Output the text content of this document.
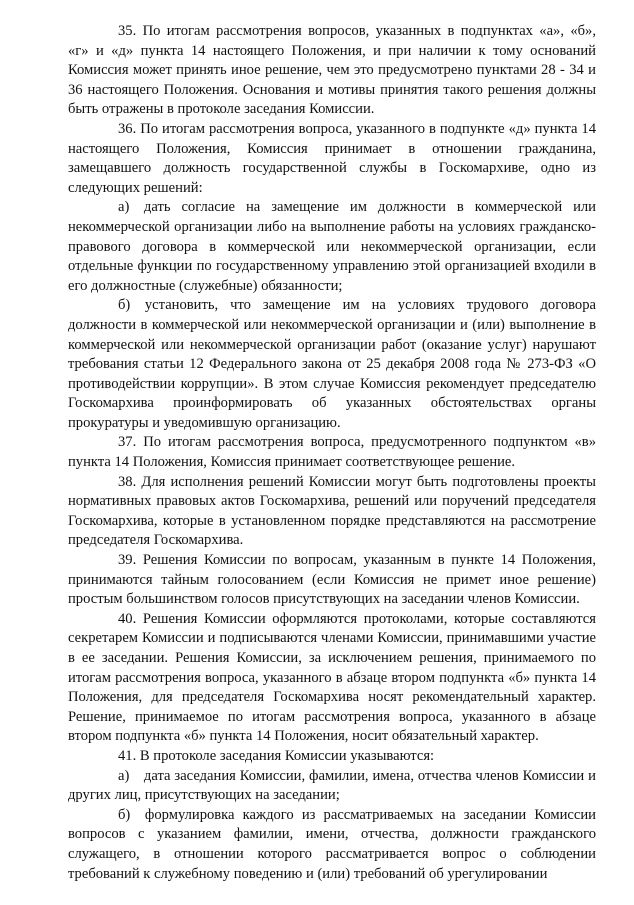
35. По итогам рассмотрения вопросов, указанных в подпунктах «а», «б», «г» и «д» пункта 14 настоящего Положения, и при наличии к тому оснований Комиссия может принять иное решение, чем это предусмотрено пунктами 28 - 34 и 36 настоящего Положения. Основания и мотивы принятия такого решения должны быть отражены в протоколе заседания Комиссии.

36. По итогам рассмотрения вопроса, указанного в подпункте «д» пункта 14 настоящего Положения, Комиссия принимает в отношении гражданина, замещавшего должность государственной службы в Госкомархиве, одно из следующих решений:

а) дать согласие на замещение им должности в коммерческой или некоммерческой организации либо на выполнение работы на условиях гражданско-правового договора в коммерческой или некоммерческой организации, если отдельные функции по государственному управлению этой организацией входили в его должностные (служебные) обязанности;

б) установить, что замещение им на условиях трудового договора должности в коммерческой или некоммерческой организации и (или) выполнение в коммерческой или некоммерческой организации работ (оказание услуг) нарушают требования статьи 12 Федерального закона от 25 декабря 2008 года № 273-ФЗ «О противодействии коррупции». В этом случае Комиссия рекомендует председателю Госкомархива проинформировать об указанных обстоятельствах органы прокуратуры и уведомившую организацию.

37. По итогам рассмотрения вопроса, предусмотренного подпунктом «в» пункта 14 Положения, Комиссия принимает соответствующее решение.

38. Для исполнения решений Комиссии могут быть подготовлены проекты нормативных правовых актов Госкомархива, решений или поручений председателя Госкомархива, которые в установленном порядке представляются на рассмотрение председателя Госкомархива.

39. Решения Комиссии по вопросам, указанным в пункте 14 Положения, принимаются тайным голосованием (если Комиссия не примет иное решение) простым большинством голосов присутствующих на заседании членов Комиссии.

40. Решения Комиссии оформляются протоколами, которые составляются секретарем Комиссии и подписываются членами Комиссии, принимавшими участие в ее заседании. Решения Комиссии, за исключением решения, принимаемого по итогам рассмотрения вопроса, указанного в абзаце втором подпункта «б» пункта 14 Положения, для председателя Госкомархива носят рекомендательный характер. Решение, принимаемое по итогам рассмотрения вопроса, указанного в абзаце втором подпункта «б» пункта 14 Положения, носит обязательный характер.

41. В протоколе заседания Комиссии указываются:

а) дата заседания Комиссии, фамилии, имена, отчества членов Комиссии и других лиц, присутствующих на заседании;

б) формулировка каждого из рассматриваемых на заседании Комиссии вопросов с указанием фамилии, имени, отчества, должности гражданского служащего, в отношении которого рассматривается вопрос о соблюдении требований к служебному поведению и (или) требований об урегулировании
